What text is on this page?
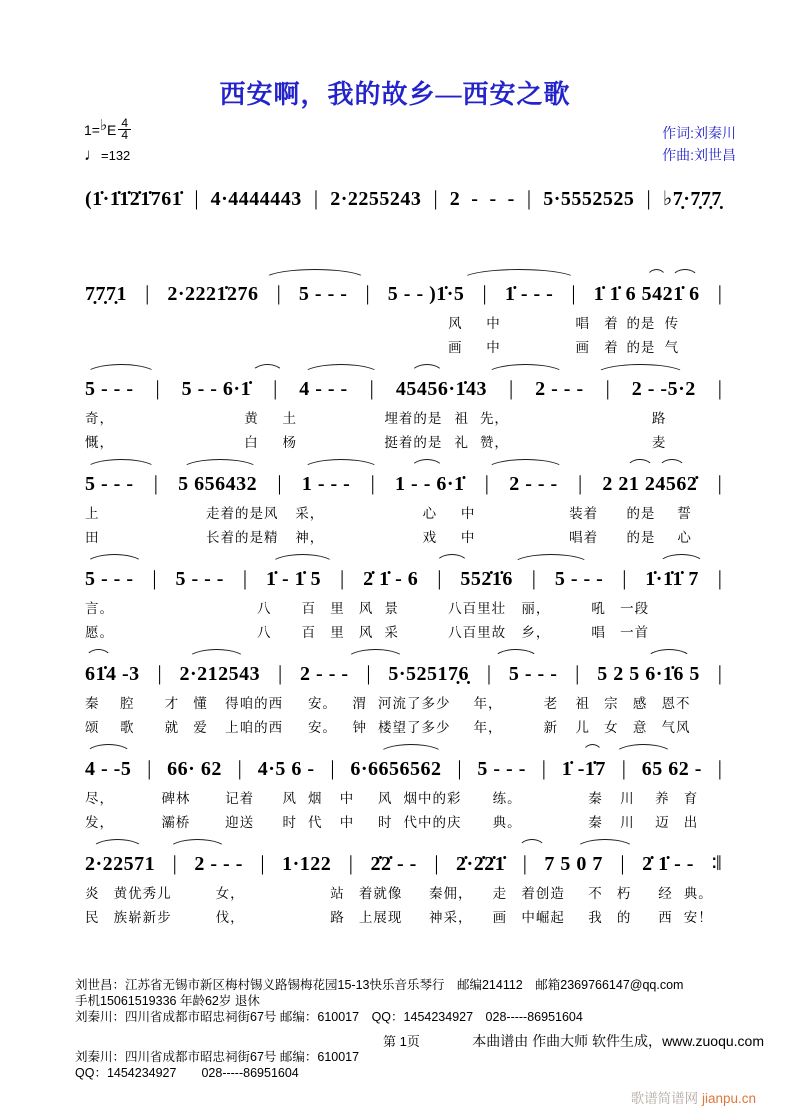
西安啊，我的故乡—西安之歌
1= ♭ E $\frac{4}{4}$
♩=132
作词:刘秦川
作曲:刘世昌
(1̇·1̇1̇2̇1̇761̇ | 4·4444443 | 2·2255243 | 2  -  -  - | 5·5552525 | ♭7̣·7̣7̣7̣
7̣7̣7̣1 | 2·2221̇276 | 5 - - - | 5 - - )1̇·5 | 1̇ - - - | 1̇ 1̇ 6 5421̇ 6 |
风 中	唱 着 的是 传
画 中	画 着 的是 气
5 - - - | 5 - - 6·1̇ | 4 - - - | 45456·1̇43 | 2 - - - | 2 - -5·2 |
奇，	黄 土	埋着的是 祖 先，	路
慨，	白 杨	挺着的是 礼 赞，	麦
5 - - - | 5 656432 | 1 - - - | 1 - - 6·1̇ | 2 - - - | 2 21 24562̇ |
上	走着的是风 采，	心 中	装着 的是 誓
田	长着的是精 神，	戏 中	唱着 的是 心
5 - - - | 5 - - - | 1̇ - 1̇ 5 | 2̇ 1̇ - 6 | 552̇1̇6 | 5 - - - | 1̇·1̇1̇ 7 |
言。	八 百 里 风 景	八百里壮 丽，	吼 一段
愿。	八 百 里 风 采	八百里故 乡，	唱 一首
61̇4 -3 | 2·212543 | 2 - - - | 5·52517̣6̣ | 5 - - - | 5 2 5 6·1̇6 5 |
秦 腔 才 懂 得咱的西 安。 渭 河流了多少 年，	老 祖 宗 感 恩不
颂 歌 就 爱 上咱的西 安。 钟 楼望了多少 年，	新 儿 女 意 气风
4 - -5 | 66· 62 | 4·5 6 - | 6·6656562 | 5 - - - | 1̇ -1̇7 | 65 62 - |
尽，	碑林	记着 风 烟 中 风 烟中的彩 练。	秦 川 养 育
发，	灞桥	迎送 时 代 中 时 代中的庆 典。	秦 川 迈 出
2·22571 | 2 - - - | 1·122 | 2̇2̇ - - | 2̇·2̇2̇1̇ | 7 5 0 7 | 2̇ 1̇ - - ∶‖
炎 黄优秀儿	女，	站 着就像 秦佣， 走 着创造 不 朽 经 典。
民 族崭新步	伐，	路 上展现 神采， 画 中崛起 我 的 西 安！
刘世昌：江苏省无锡市新区梅村锡义路锡梅花园15-13快乐音乐琴行　邮编214112　邮箱2369766147@qq.com
手机15061519336 年龄62岁 退休
刘秦川：四川省成都市昭忠祠街67号 邮编：610017　QQ：1454234927　028-----86951604
第 1页	本曲谱由 作曲大师 软件生成，www.zuoqu.com
刘秦川：四川省成都市昭忠祠街67号 邮编：610017
QQ：1454234927　　028-----86951604
歌谱简谱网 jianpu.cn
